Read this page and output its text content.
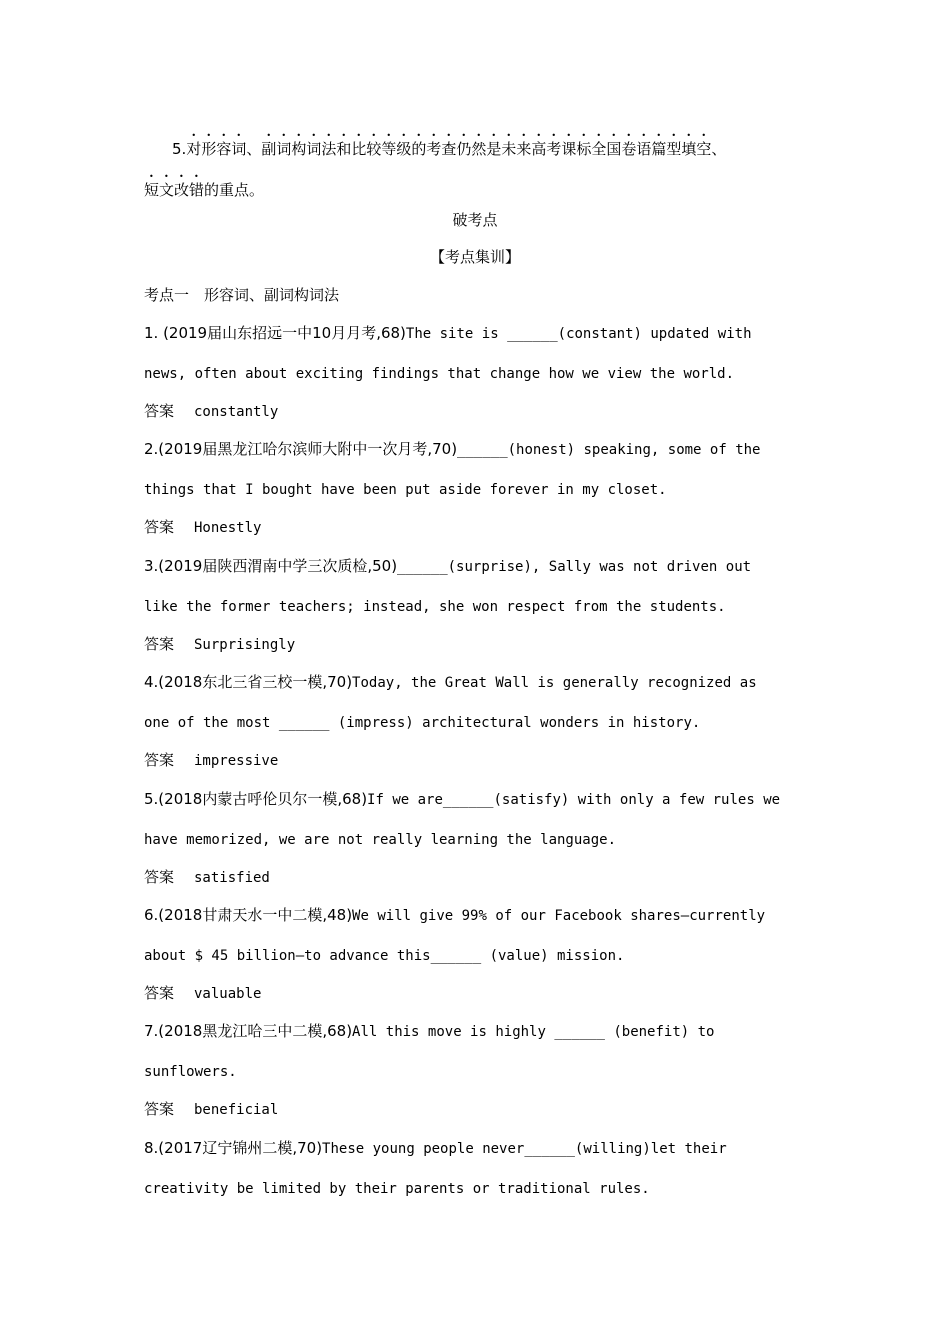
5.对形容词、副词构词法和比较等级的考查仍然是未来高考课标全国卷语篇型填空、
短文改错的重点。
破考点
【考点集训】
考点一　形容词、副词构词法
1. (2019届山东招远一中10月月考,68)The site is ______(constant) updated with
news, often about exciting findings that change how we view the world.
答案 constantly
2.(2019届黑龙江哈尔滨师大附中一次月考,70)______(honest) speaking, some of the
things that I bought have been put aside forever in my closet.
答案 Honestly
3.(2019届陕西渭南中学三次质检,50)______(surprise), Sally was not driven out
like the former teachers; instead, she won respect from the students.
答案 Surprisingly
4.(2018东北三省三校一模,70)Today, the Great Wall is generally recognized as
one of the most ______ (impress) architectural wonders in history.
答案 impressive
5.(2018内蒙古呼伦贝尔一模,68)If we are______(satisfy) with only a few rules we
have memorized, we are not really learning the language.
答案 satisfied
6.(2018甘肃天水一中二模,48)We will give 99% of our Facebook shares—currently
about $ 45 billion—to advance this______ (value) mission.
答案 valuable
7.(2018黑龙江哈三中二模,68)All this move is highly ______ (benefit) to
sunflowers.
答案 beneficial
8.(2017辽宁锦州二模,70)These young people never______(willing)let their
creativity be limited by their parents or traditional rules.
